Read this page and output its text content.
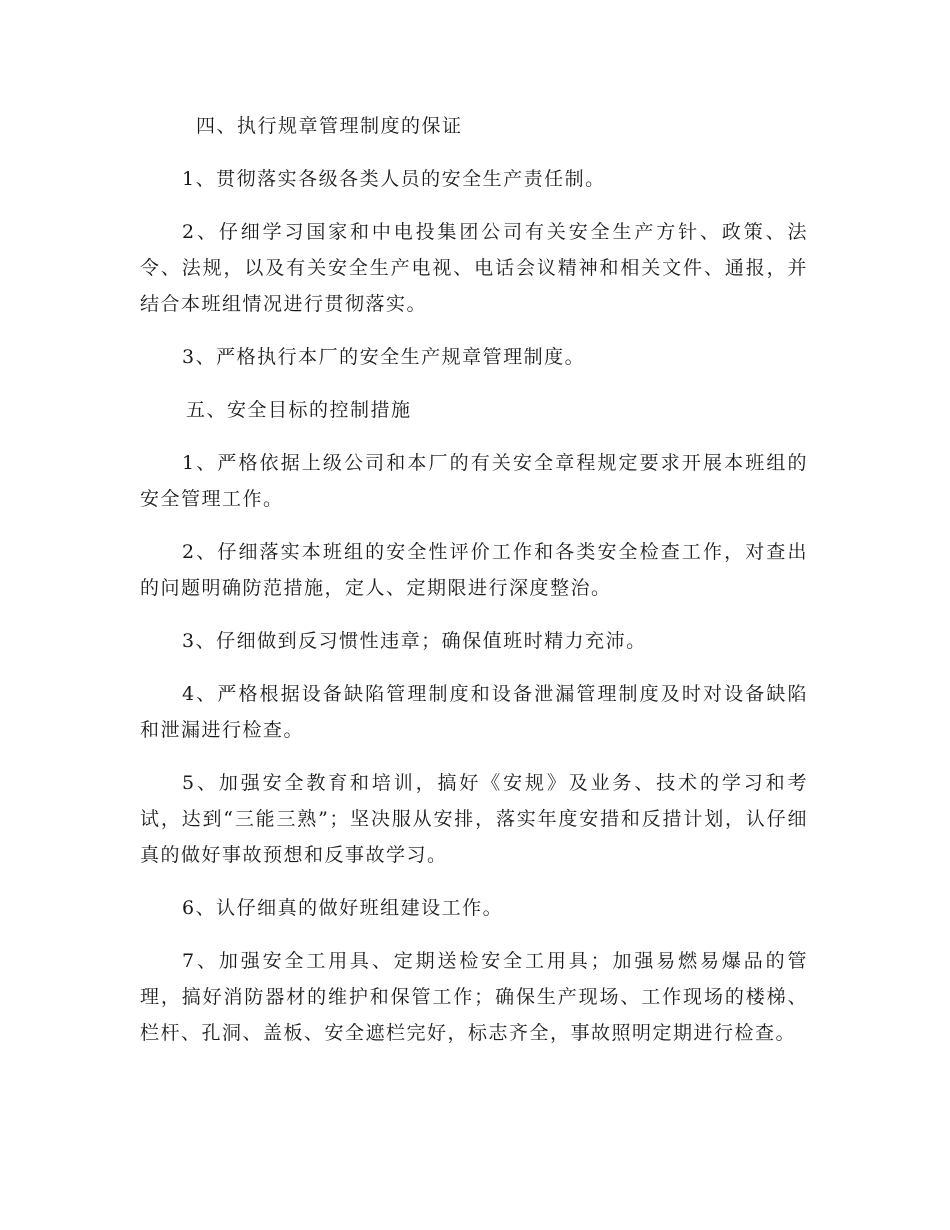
四、执行规章管理制度的保证

1、贯彻落实各级各类人员的安全生产责任制。

2、仔细学习国家和中电投集团公司有关安全生产方针、政策、法令、法规，以及有关安全生产电视、电话会议精神和相关文件、通报，并结合本班组情况进行贯彻落实。

3、严格执行本厂的安全生产规章管理制度。

五、安全目标的控制措施

1、严格依据上级公司和本厂的有关安全章程规定要求开展本班组的安全管理工作。

2、仔细落实本班组的安全性评价工作和各类安全检查工作，对查出的问题明确防范措施，定人、定期限进行深度整治。

3、仔细做到反习惯性违章；确保值班时精力充沛。

4、严格根据设备缺陷管理制度和设备泄漏管理制度及时对设备缺陷和泄漏进行检查。

5、加强安全教育和培训，搞好《安规》及业务、技术的学习和考试，达到“三能三熟”；坚决服从安排，落实年度安措和反措计划，认仔细真的做好事故预想和反事故学习。

6、认仔细真的做好班组建设工作。

7、加强安全工用具、定期送检安全工用具；加强易燃易爆品的管理，搞好消防器材的维护和保管工作；确保生产现场、工作现场的楼梯、栏杆、孔洞、盖板、安全遮栏完好，标志齐全，事故照明定期进行检查。
